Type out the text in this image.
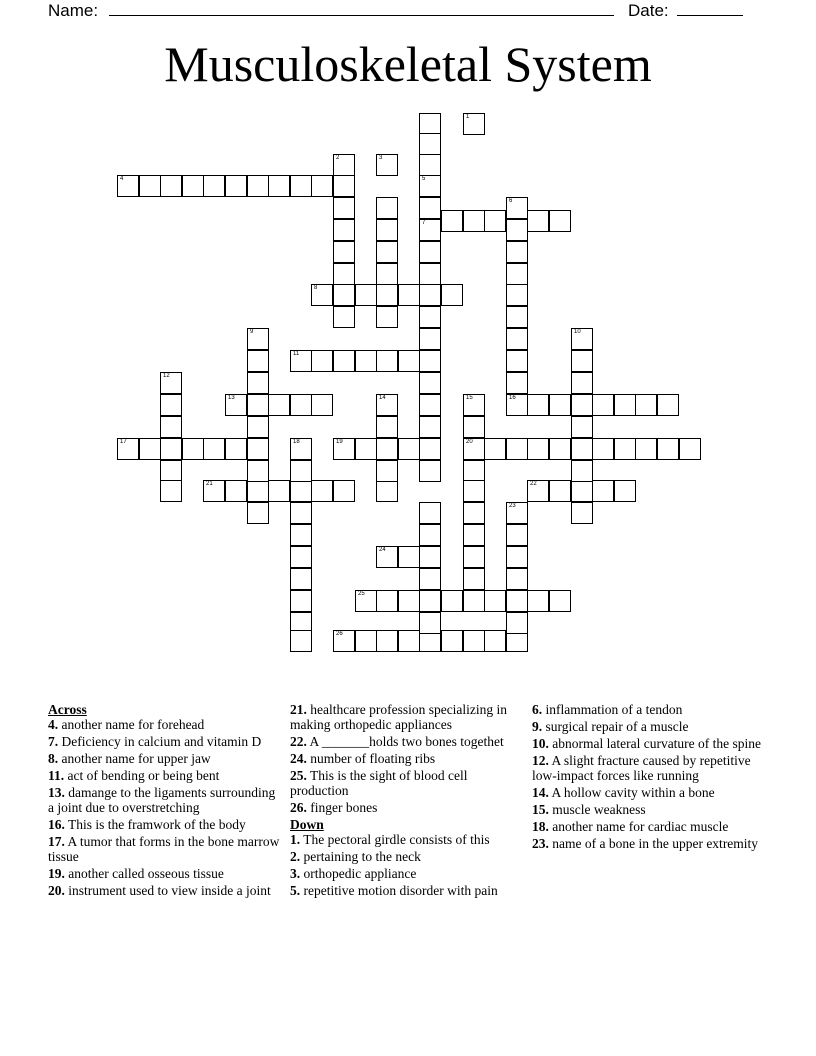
Name:	Date:
Musculoskeletal System
4
8
11
13	16
17	19	20
21	22
25
26
2	3
5
7
6
9	10
12
14	15
18
23
24
1
Across
4. another name for forehead
7. Deficiency in calcium and vitamin D
8. another name for upper jaw
11. act of bending or being bent
13. damange to the ligaments surrounding a joint due to overstretching
16. This is the framwork of the body
17. A tumor that forms in the bone marrow tissue
19. another called osseous tissue
20. instrument used to view inside a joint
21. healthcare profession specializing in making orthopedic appliances
22. A _______holds two bones togethet
24. number of floating ribs
25. This is the sight of blood cell production
26. finger bones
Down
1. The pectoral girdle consists of this
2. pertaining to the neck
3. orthopedic appliance
5. repetitive motion disorder with pain
6. inflammation of a tendon
9. surgical repair of a muscle
10. abnormal lateral curvature of the spine
12. A slight fracture caused by repetitive low-impact forces like running
14. A hollow cavity within a bone
15. muscle weakness
18. another name for cardiac muscle
23. name of a bone in the upper extremity
